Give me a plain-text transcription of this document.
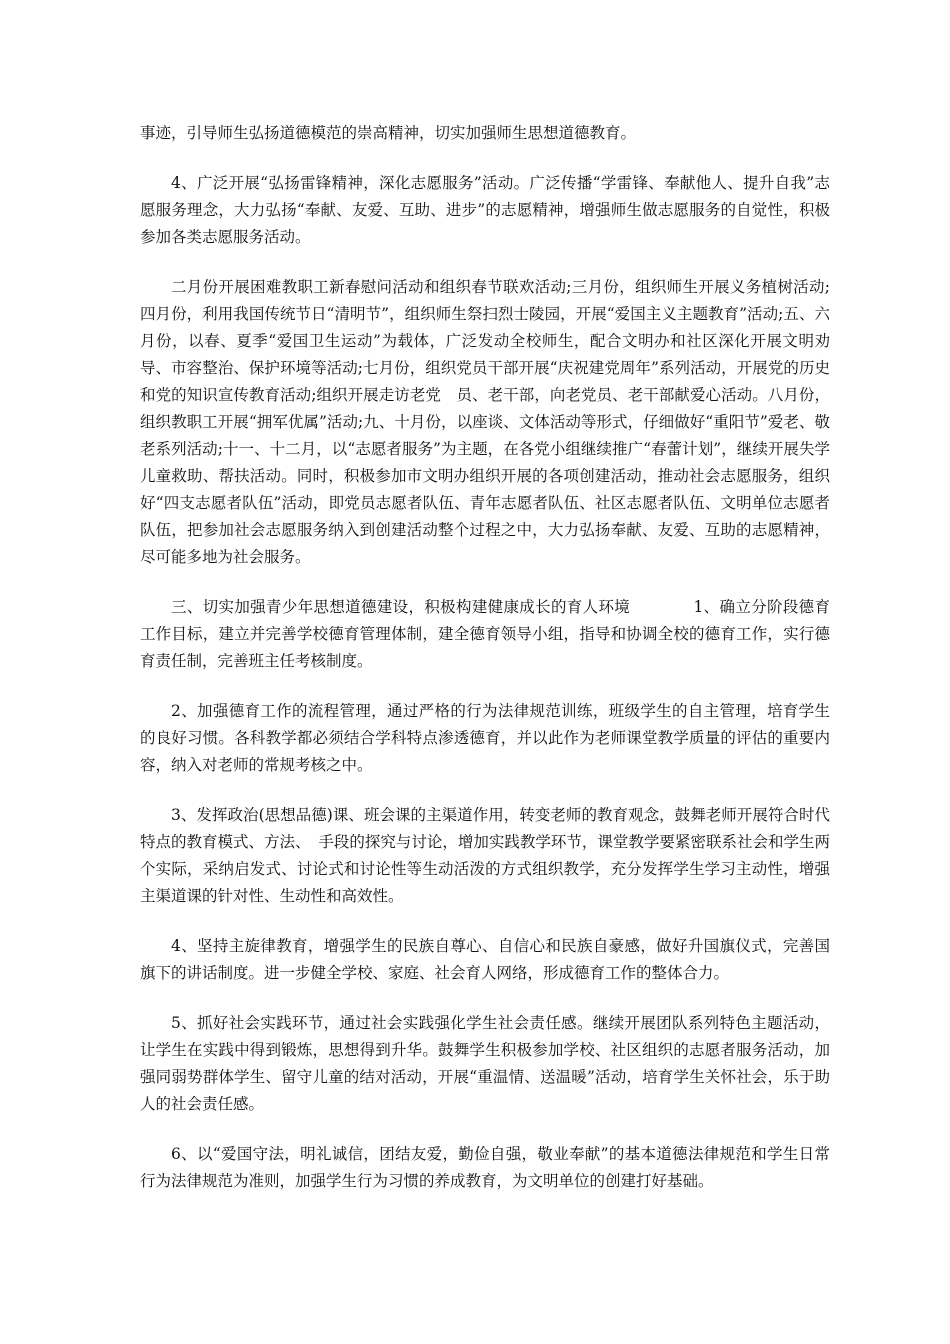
事迹，引导师生弘扬道德模范的崇高精神，切实加强师生思想道德教育。

4、广泛开展“弘扬雷锋精神，深化志愿服务”活动。广泛传播“学雷锋、奉献他人、提升自我”志愿服务理念，大力弘扬“奉献、友爱、互助、进步”的志愿精神，增强师生做志愿服务的自觉性，积极参加各类志愿服务活动。

二月份开展困难教职工新春慰问活动和组织春节联欢活动;三月份，组织师生开展义务植树活动;四月份，利用我国传统节日“清明节”，组织师生祭扫烈士陵园，开展“爱国主义主题教育”活动;五、六月份，以春、夏季“爱国卫生运动”为载体，广泛发动全校师生，配合文明办和社区深化开展文明劝导、市容整治、保护环境等活动;七月份，组织党员干部开展“庆祝建党周年”系列活动，开展党的历史和党的知识宣传教育活动;组织开展走访老党　员、老干部，向老党员、老干部献爱心活动。八月份，组织教职工开展“拥军优属”活动;九、十月份，以座谈、文体活动等形式，仔细做好“重阳节”爱老、敬老系列活动;十一、十二月，以“志愿者服务”为主题，在各党小组继续推广“春蕾计划”，继续开展失学儿童救助、帮扶活动。同时，积极参加市文明办组织开展的各项创建活动，推动社会志愿服务，组织好“四支志愿者队伍”活动，即党员志愿者队伍、青年志愿者队伍、社区志愿者队伍、文明单位志愿者队伍，把参加社会志愿服务纳入到创建活动整个过程之中，大力弘扬奉献、友爱、互助的志愿精神，尽可能多地为社会服务。

三、切实加强青少年思想道德建设，积极构建健康成长的育人环境　　　　1、确立分阶段德育工作目标，建立并完善学校德育管理体制，建全德育领导小组，指导和协调全校的德育工作，实行德育责任制，完善班主任考核制度。

2、加强德育工作的流程管理，通过严格的行为法律规范训练，班级学生的自主管理，培育学生的良好习惯。各科教学都必须结合学科特点渗透德育，并以此作为老师课堂教学质量的评估的重要内容，纳入对老师的常规考核之中。

3、发挥政治(思想品德)课、班会课的主渠道作用，转变老师的教育观念，鼓舞老师开展符合时代特点的教育模式、方法、　手段的探究与讨论，增加实践教学环节，课堂教学要紧密联系社会和学生两个实际，采纳启发式、讨论式和讨论性等生动活泼的方式组织教学，充分发挥学生学习主动性，增强主渠道课的针对性、生动性和高效性。

4、坚持主旋律教育，增强学生的民族自尊心、自信心和民族自豪感，做好升国旗仪式，完善国旗下的讲话制度。进一步健全学校、家庭、社会育人网络，形成德育工作的整体合力。

5、抓好社会实践环节，通过社会实践强化学生社会责任感。继续开展团队系列特色主题活动，让学生在实践中得到锻炼，思想得到升华。鼓舞学生积极参加学校、社区组织的志愿者服务活动，加强同弱势群体学生、留守儿童的结对活动，开展“重温情、送温暖”活动，培育学生关怀社会，乐于助人的社会责任感。

6、以“爱国守法，明礼诚信，团结友爱，勤俭自强，敬业奉献”的基本道德法律规范和学生日常行为法律规范为准则，加强学生行为习惯的养成教育，为文明单位的创建打好基础。
